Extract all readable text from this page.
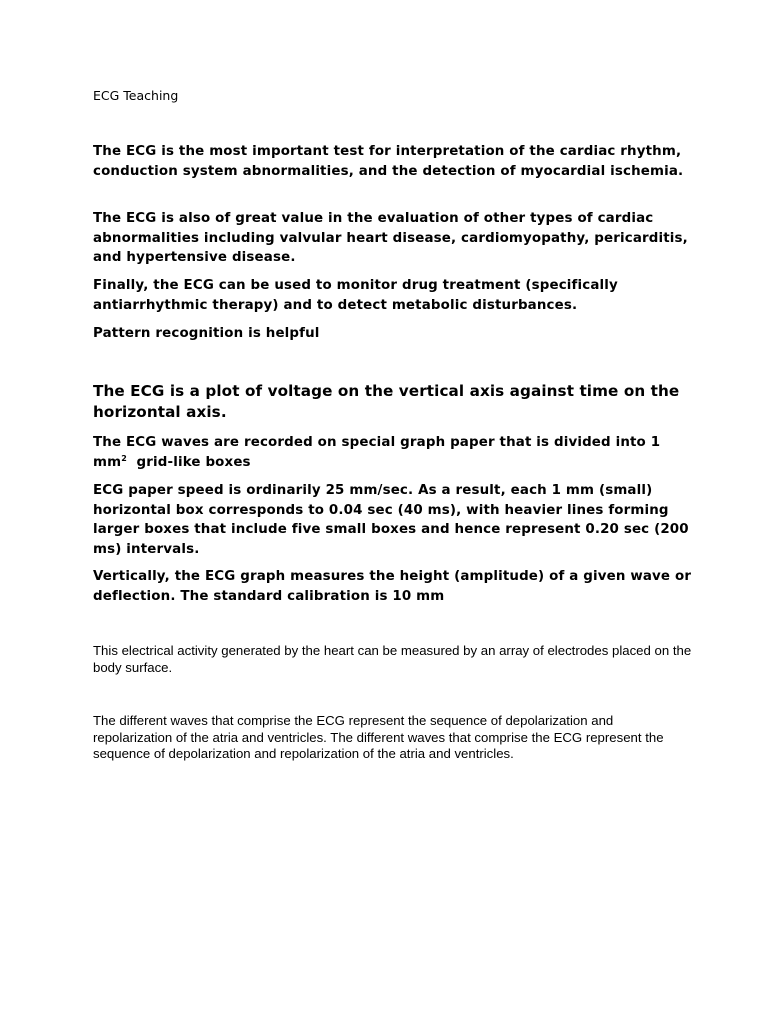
ECG Teaching

The ECG is the most important test for interpretation of the cardiac rhythm, conduction system abnormalities, and the detection of myocardial ischemia.

The ECG is also of great value in the evaluation of other types of cardiac abnormalities including valvular heart disease, cardiomyopathy, pericarditis, and hypertensive disease.

Finally, the ECG can be used to monitor drug treatment (specifically antiarrhythmic therapy) and to detect metabolic disturbances.

Pattern recognition is helpful

The ECG is a plot of voltage on the vertical axis against time on the horizontal axis.

The ECG waves are recorded on special graph paper that is divided into 1 $mm^2$  grid-like boxes

ECG paper speed is ordinarily 25 mm/sec. As a result, each 1 mm (small) horizontal box corresponds to 0.04 sec (40 ms), with heavier lines forming larger boxes that include five small boxes and hence represent 0.20 sec (200 ms) intervals.

Vertically, the ECG graph measures the height (amplitude) of a given wave or deflection. The standard calibration is 10 mm

This electrical activity generated by the heart can be measured by an array of electrodes placed on the body surface.

The different waves that comprise the ECG represent the sequence of depolarization and repolarization of the atria and ventricles. The different waves that comprise the ECG represent the sequence of depolarization and repolarization of the atria and ventricles.
